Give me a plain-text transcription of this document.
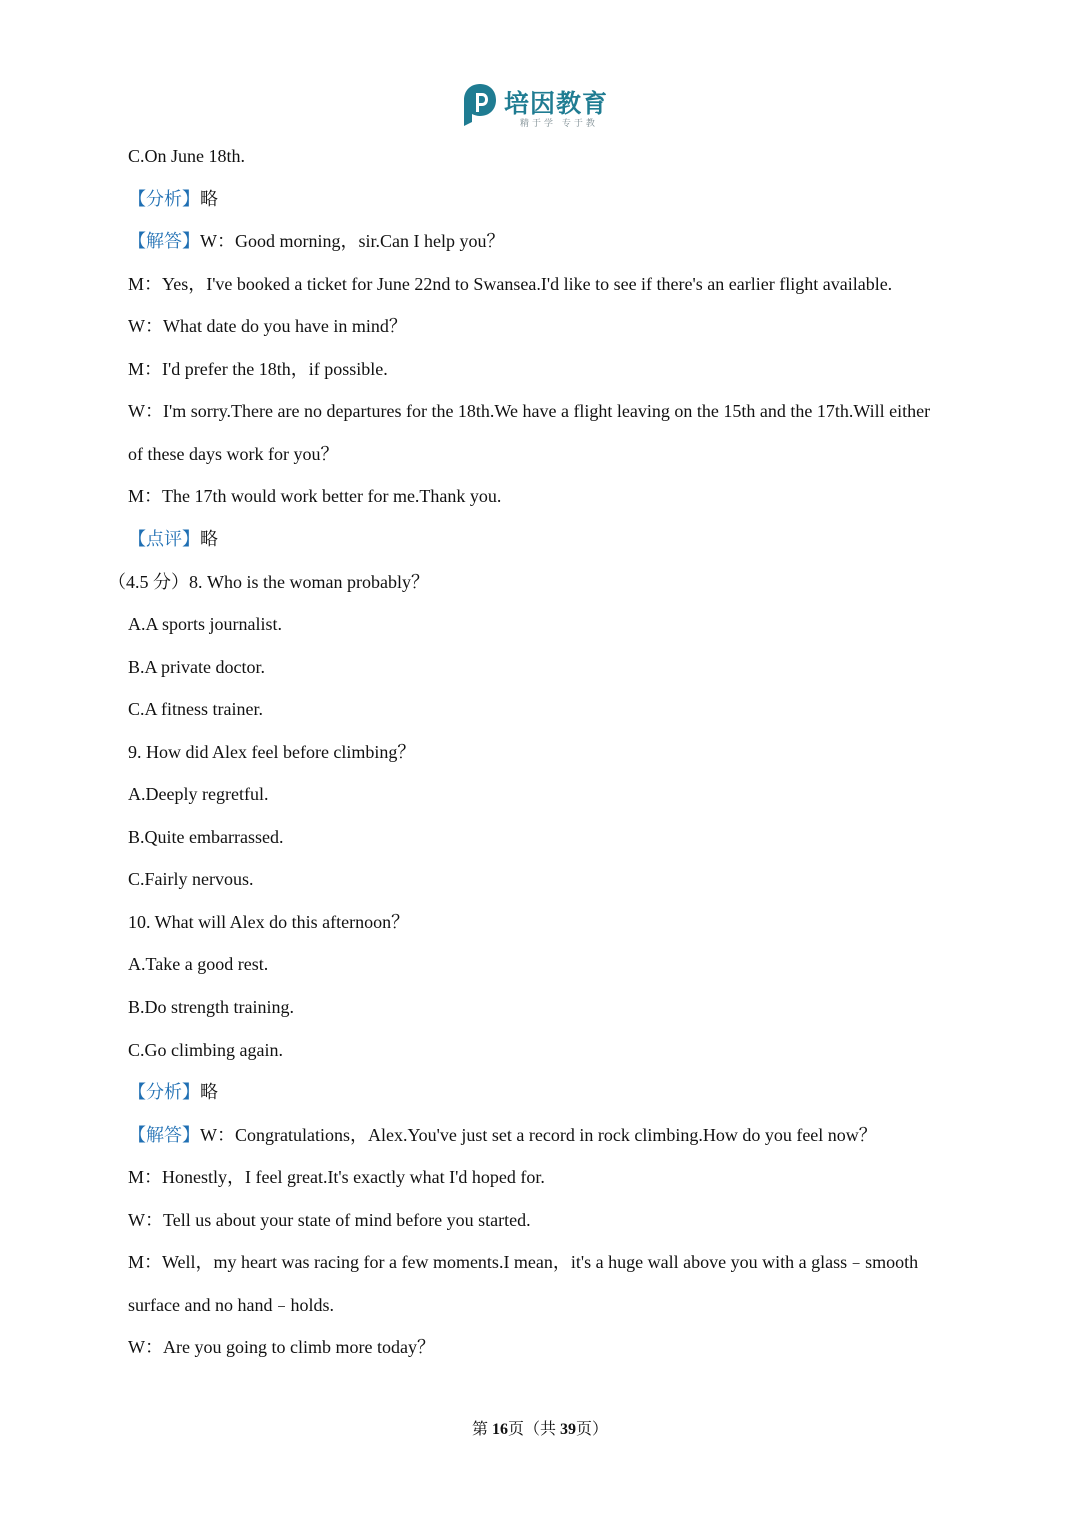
培因教育
精于学 专于教
C.On June 18th.
【分析】略
【解答】W：Good morning，sir.Can I help you？
M：Yes，I've booked a ticket for June 22nd to Swansea.I'd like to see if there's an earlier flight available.
W：What date do you have in mind？
M：I'd prefer the 18th，if possible.
W：I'm sorry.There are no departures for the 18th.We have a flight leaving on the 15th and the 17th.Will either
of these days work for you？
M：The 17th would work better for me.Thank you.
【点评】略
（4.5 分）8. Who is the woman probably？
A.A sports journalist.
B.A private doctor.
C.A fitness trainer.
9. How did Alex feel before climbing？
A.Deeply regretful.
B.Quite embarrassed.
C.Fairly nervous.
10. What will Alex do this afternoon？
A.Take a good rest.
B.Do strength training.
C.Go climbing again.
【分析】略
【解答】W：Congratulations，Alex.You've just set a record in rock climbing.How do you feel now？
M：Honestly，I feel great.It's exactly what I'd hoped for.
W：Tell us about your state of mind before you started.
M：Well，my heart was racing for a few moments.I mean，it's a huge wall above you with a glass﹣smooth
surface and no hand﹣holds.
W：Are you going to climb more today？
第 16页（共 39页）
